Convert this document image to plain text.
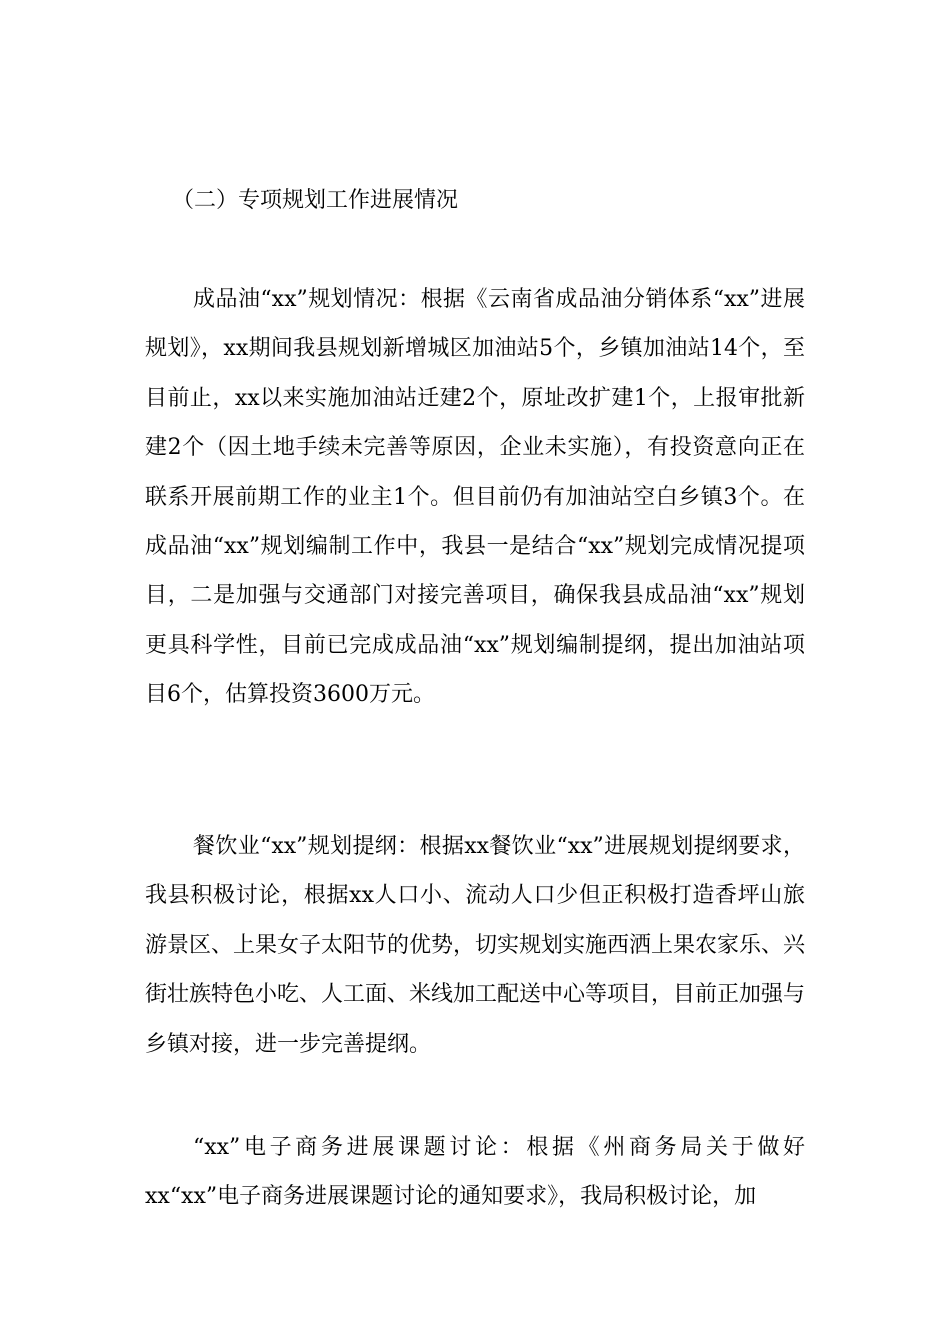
（二）专项规划工作进展情况

成品油“xx”规划情况：根据《云南省成品油分销体系“xx”进展规划》，xx期间我县规划新增城区加油站5个，乡镇加油站14个，至目前止，xx以来实施加油站迁建2个，原址改扩建1个，上报审批新建2个（因土地手续未完善等原因，企业未实施），有投资意向正在联系开展前期工作的业主1个。但目前仍有加油站空白乡镇3个。在成品油“xx”规划编制工作中，我县一是结合“xx”规划完成情况提项目，二是加强与交通部门对接完善项目，确保我县成品油“xx”规划更具科学性，目前已完成成品油“xx”规划编制提纲，提出加油站项目6个，估算投资3600万元。

餐饮业“xx”规划提纲：根据xx餐饮业“xx”进展规划提纲要求，我县积极讨论，根据xx人口小、流动人口少但正积极打造香坪山旅游景区、上果女子太阳节的优势，切实规划实施西洒上果农家乐、兴街壮族特色小吃、人工面、米线加工配送中心等项目，目前正加强与乡镇对接，进一步完善提纲。

“xx”电子商务进展课题讨论：根据《州商务局关于做好xx“xx”电子商务进展课题讨论的通知要求》，我局积极讨论，加
